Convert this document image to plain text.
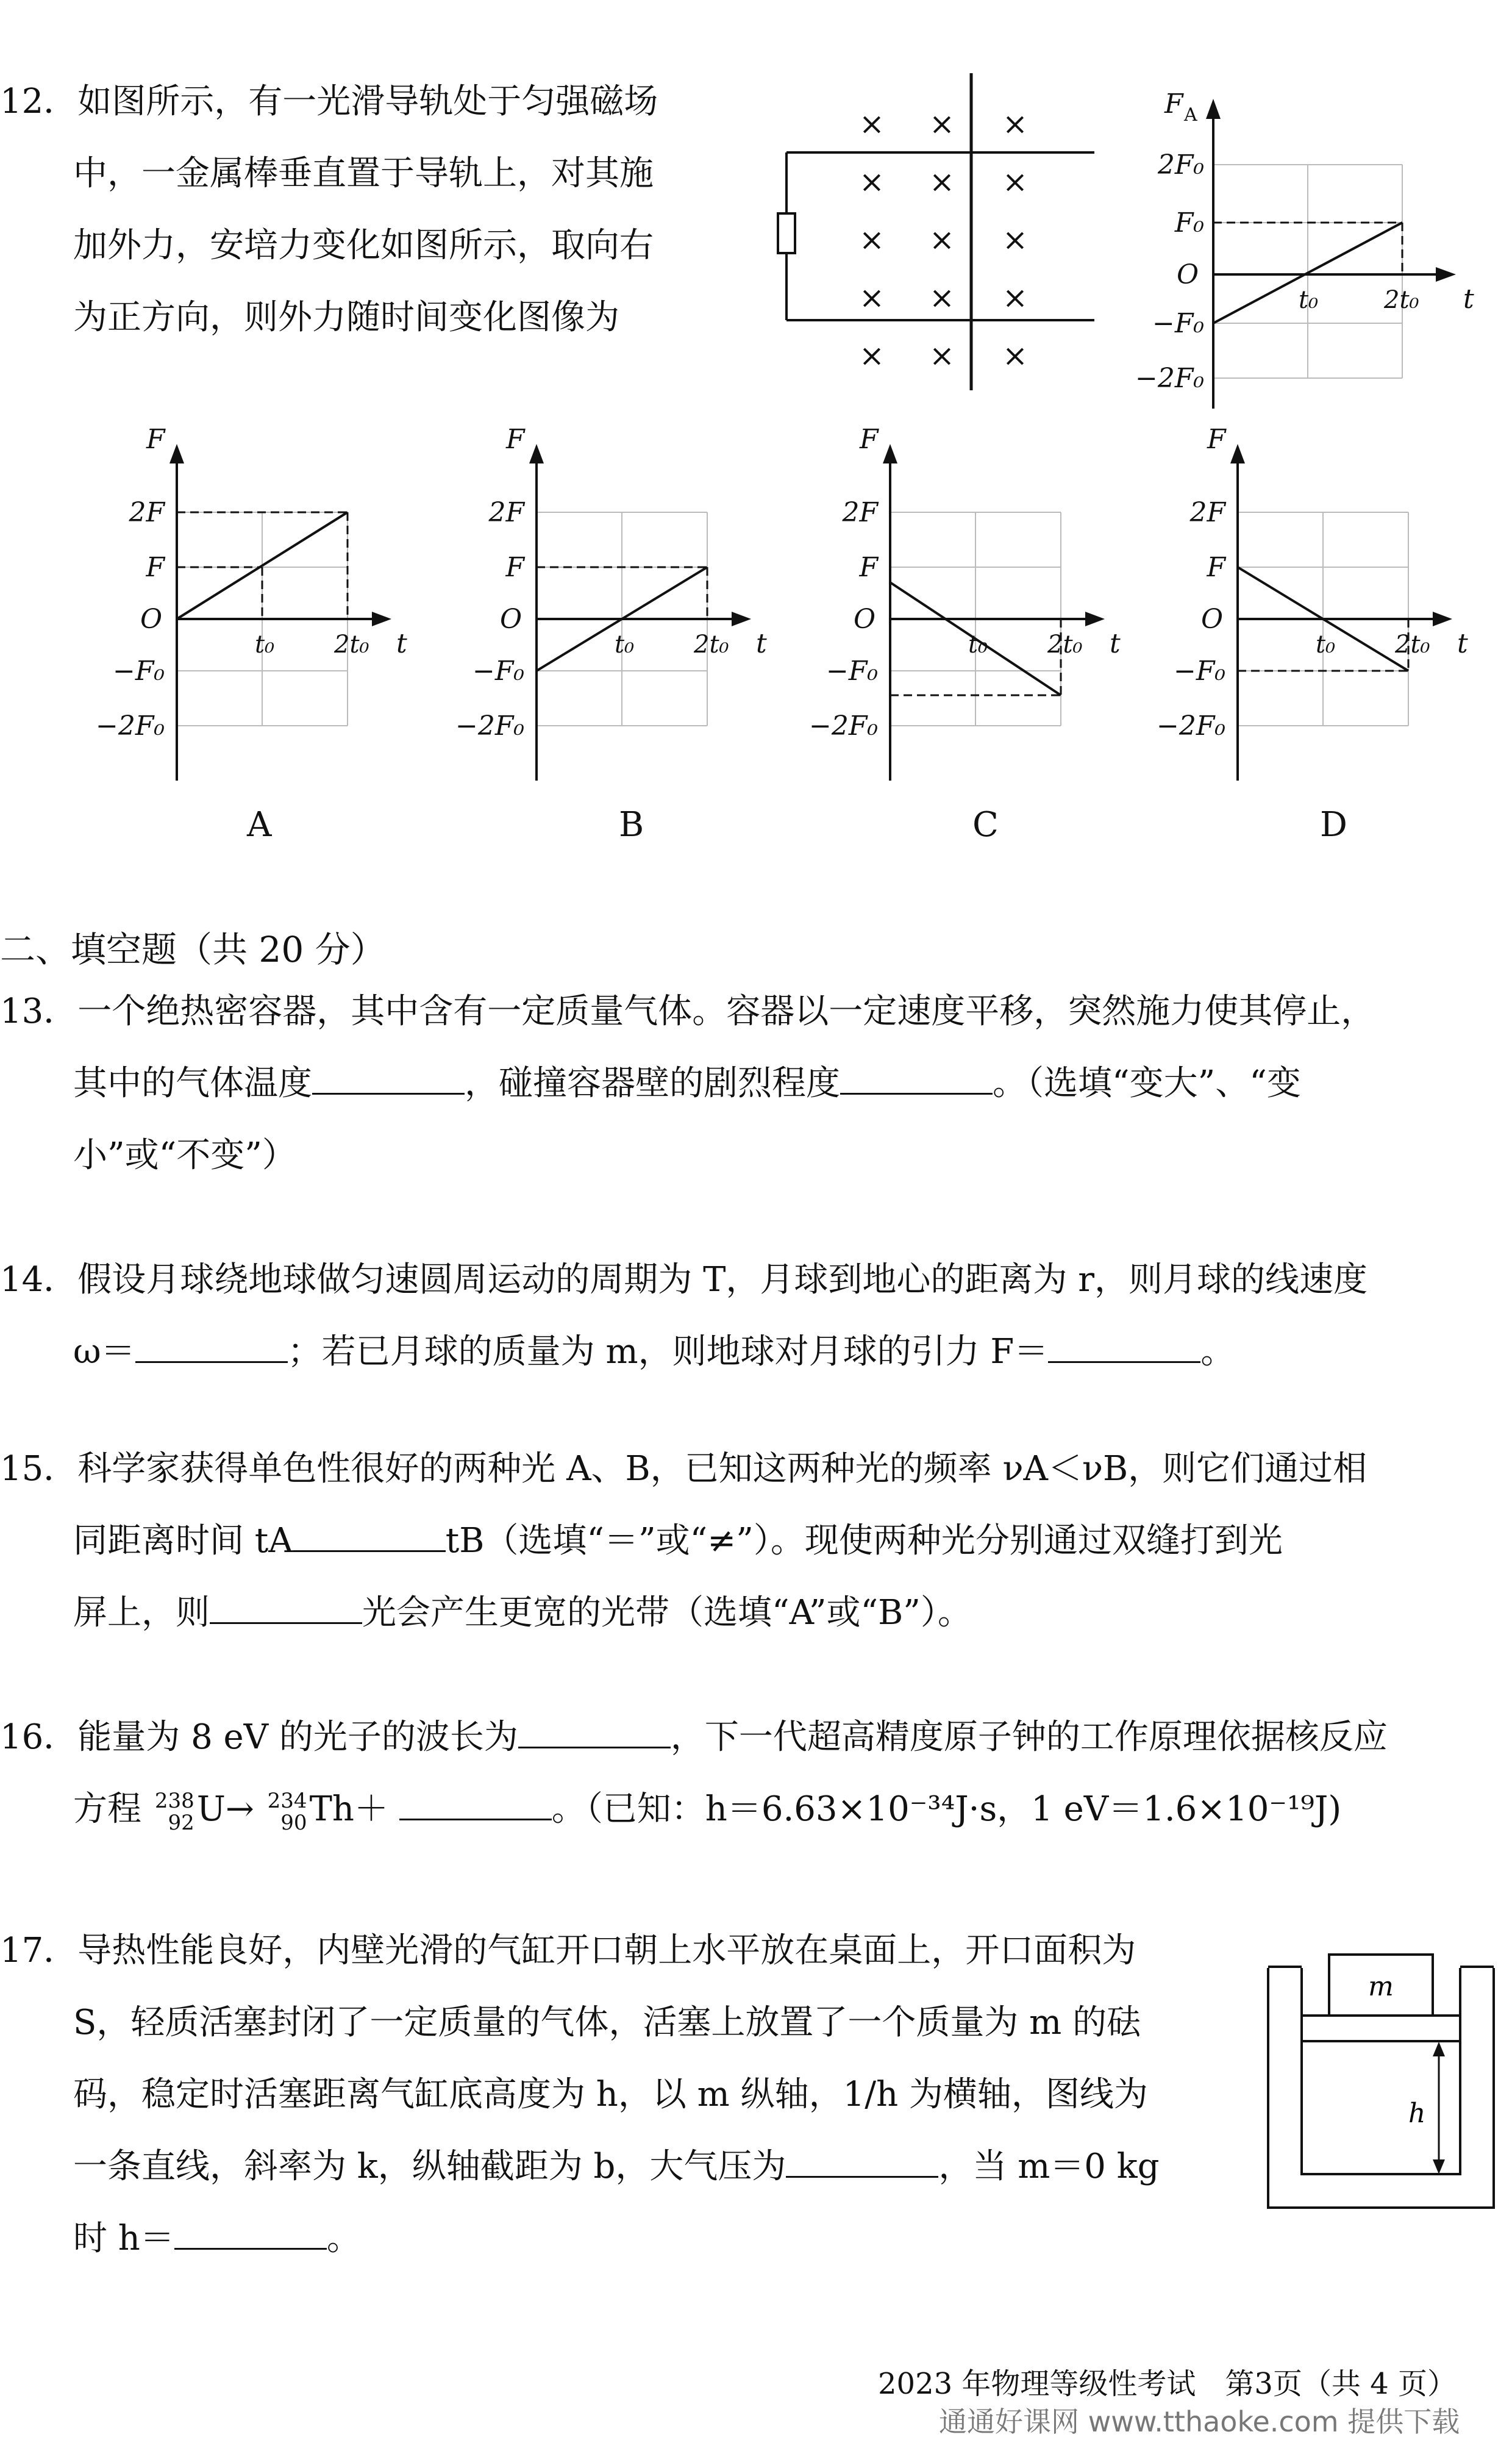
12．如图所示，有一光滑导轨处于匀强磁场
中，一金属棒垂直置于导轨上，对其施
加外力，安培力变化如图所示，取向右
为正方向，则外力随时间变化图像为
× × ×
× × ×
× × ×
× × ×
× × ×
F A
2F₀
F₀
O
−F₀
−2F₀
t₀	2t₀ t
F
2F
F
O
−F₀
−2F₀
t₀ 2t₀ t
F
2F
F
O
−F₀
−2F₀
t₀ 2t₀ t
F
2F
F
O
−F₀
−2F₀
t₀ 2t₀ t
F
2F
F
O
−F₀
−2F₀
t₀ 2t₀ t
A	B	C	D
二、填空题（共 20 分）
13．一个绝热密容器，其中含有一定质量气体。容器以一定速度平移，突然施力使其停止，
其中的气体温度	，碰撞容器壁的剧烈程度	。（选填“变大”、“变
小”或“不变”）
14．假设月球绕地球做匀速圆周运动的周期为 T，月球到地心的距离为 r，则月球的线速度
ω＝	；若已月球的质量为 m，则地球对月球的引力 F＝	。
15．科学家获得单色性很好的两种光 A、B，已知这两种光的频率 νA＜νB，则它们通过相
同距离时间 tA	tB（选填“＝”或“≠”）。现使两种光分别通过双缝打到光
屏上，则	光会产生更宽的光带（选填“A”或“B”）。
16．能量为 8 eV 的光子的波长为	，下一代超高精度原子钟的工作原理依据核反应
方程 238
92U→ 234
90Th＋	。（已知：h＝6.63×10⁻³⁴J·s，1 eV＝1.6×10⁻¹⁹J)
17．导热性能良好，内壁光滑的气缸开口朝上水平放在桌面上，开口面积为
S，轻质活塞封闭了一定质量的气体，活塞上放置了一个质量为 m 的砝
码，稳定时活塞距离气缸底高度为 h，以 m 纵轴，1/h 为横轴，图线为
一条直线，斜率为 k，纵轴截距为 b，大气压为	，当 m＝0 kg
时 h＝	。
m
h
2023 年物理等级性考试　第3页（共 4 页）
通通好课网 www.tthaoke.com 提供下载
